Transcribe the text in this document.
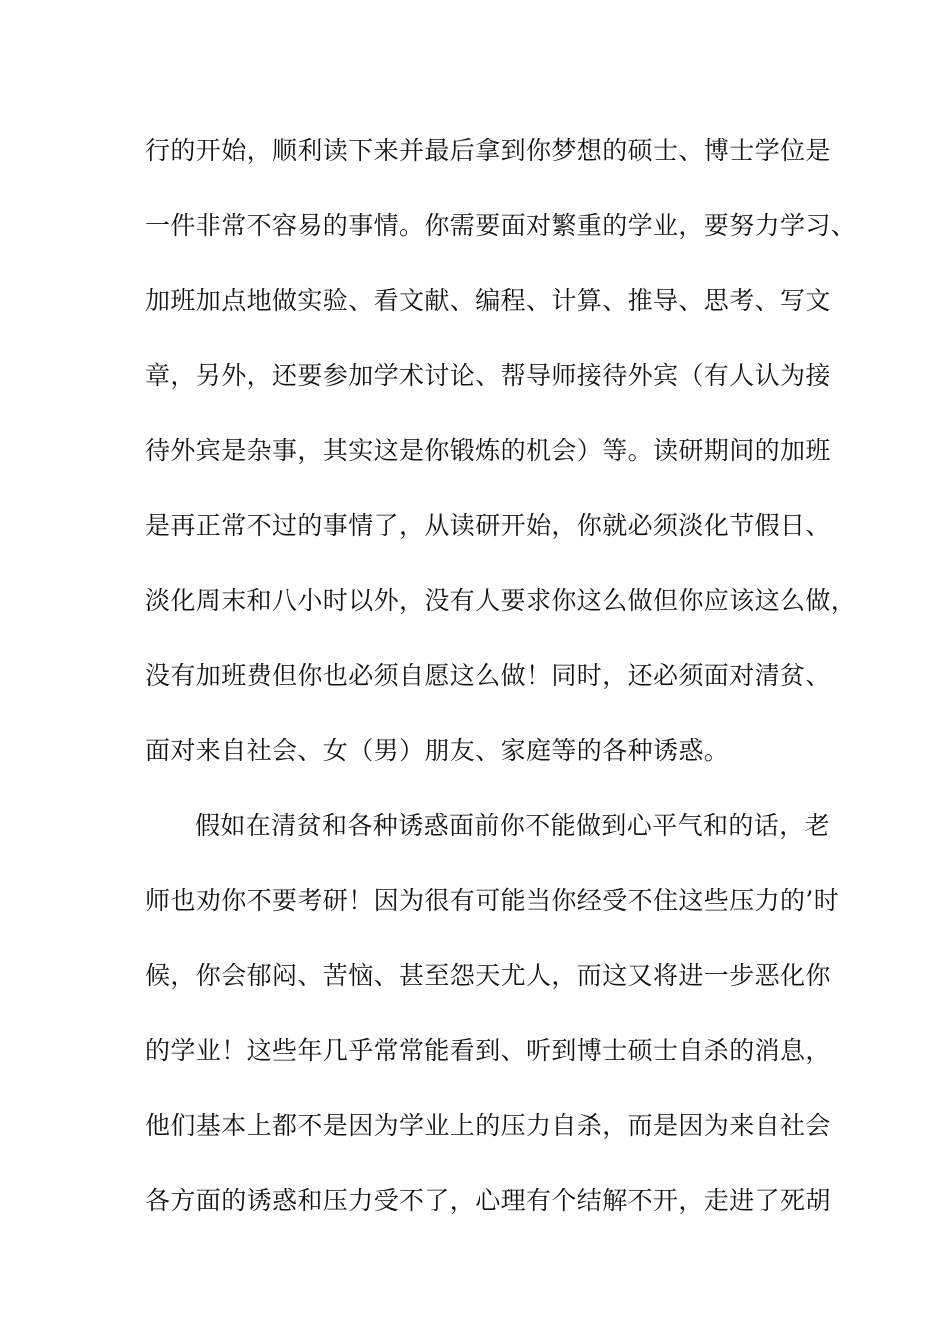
行的开始，顺利读下来并最后拿到你梦想的硕士、博士学位是
一件非常不容易的事情。你需要面对繁重的学业，要努力学习、
加班加点地做实验、看文献、编程、计算、推导、思考、写文
章，另外，还要参加学术讨论、帮导师接待外宾（有人认为接
待外宾是杂事，其实这是你锻炼的机会）等。读研期间的加班
是再正常不过的事情了，从读研开始，你就必须淡化节假日、
淡化周末和八小时以外，没有人要求你这么做但你应该这么做，
没有加班费但你也必须自愿这么做！同时，还必须面对清贫、
面对来自社会、女（男）朋友、家庭等的各种诱惑。
假如在清贫和各种诱惑面前你不能做到心平气和的话，老
师也劝你不要考研！因为很有可能当你经受不住这些压力的’时
候，你会郁闷、苦恼、甚至怨天尤人，而这又将进一步恶化你
的学业！这些年几乎常常能看到、听到博士硕士自杀的消息，
他们基本上都不是因为学业上的压力自杀，而是因为来自社会
各方面的诱惑和压力受不了，心理有个结解不开，走进了死胡
